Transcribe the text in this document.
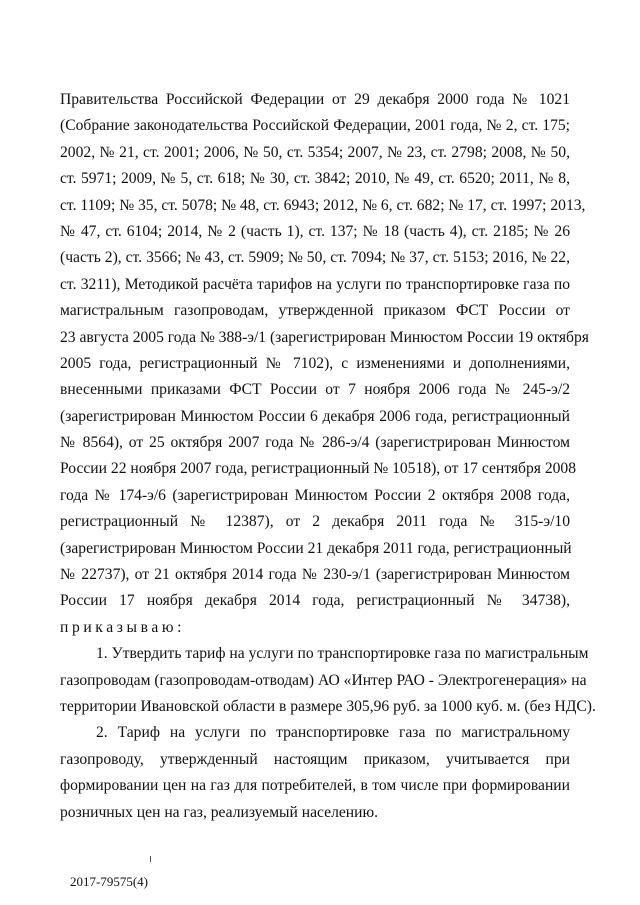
Правительства Российской Федерации от 29 декабря 2000 года № 1021
(Собрание законодательства Российской Федерации, 2001 года, № 2, ст. 175;
2002, № 21, ст. 2001; 2006, № 50, ст. 5354; 2007, № 23, ст. 2798; 2008, № 50,
ст. 5971; 2009, № 5, ст. 618; № 30, ст. 3842; 2010, № 49, ст. 6520; 2011, № 8,
ст. 1109; № 35, ст. 5078; № 48, ст. 6943; 2012, № 6, ст. 682; № 17, ст. 1997; 2013,
№ 47, ст. 6104; 2014, № 2 (часть 1), ст. 137; № 18 (часть 4), ст. 2185; № 26
(часть 2), ст. 3566; № 43, ст. 5909; № 50, ст. 7094; № 37, ст. 5153; 2016, № 22,
ст. 3211), Методикой расчёта тарифов на услуги по транспортировке газа по
магистральным газопроводам, утвержденной приказом ФСТ России от
23 августа 2005 года № 388-э/1 (зарегистрирован Минюстом России 19 октября
2005 года, регистрационный № 7102), с изменениями и дополнениями,
внесенными приказами ФСТ России от 7 ноября 2006 года № 245-э/2
(зарегистрирован Минюстом России 6 декабря 2006 года, регистрационный
№ 8564), от 25 октября 2007 года № 286-э/4 (зарегистрирован Минюстом
России 22 ноября 2007 года, регистрационный № 10518), от 17 сентября 2008
года № 174-э/6 (зарегистрирован Минюстом России 2 октября 2008 года,
регистрационный № 12387), от 2 декабря 2011 года № 315-э/10
(зарегистрирован Минюстом России 21 декабря 2011 года, регистрационный
№ 22737), от 21 октября 2014 года № 230-э/1 (зарегистрирован Минюстом
России 17 ноября декабря 2014 года, регистрационный № 34738),
приказываю:
1. Утвердить тариф на услуги по транспортировке газа по магистральным
газопроводам (газопроводам-отводам) АО «Интер РАО - Электрогенерация» на
территории Ивановской области в размере 305,96 руб. за 1000 куб. м. (без НДС).
2. Тариф на услуги по транспортировке газа по магистральному
газопроводу, утвержденный настоящим приказом, учитывается при
формировании цен на газ для потребителей, в том числе при формировании
розничных цен на газ, реализуемый населению.
2017-79575(4)
